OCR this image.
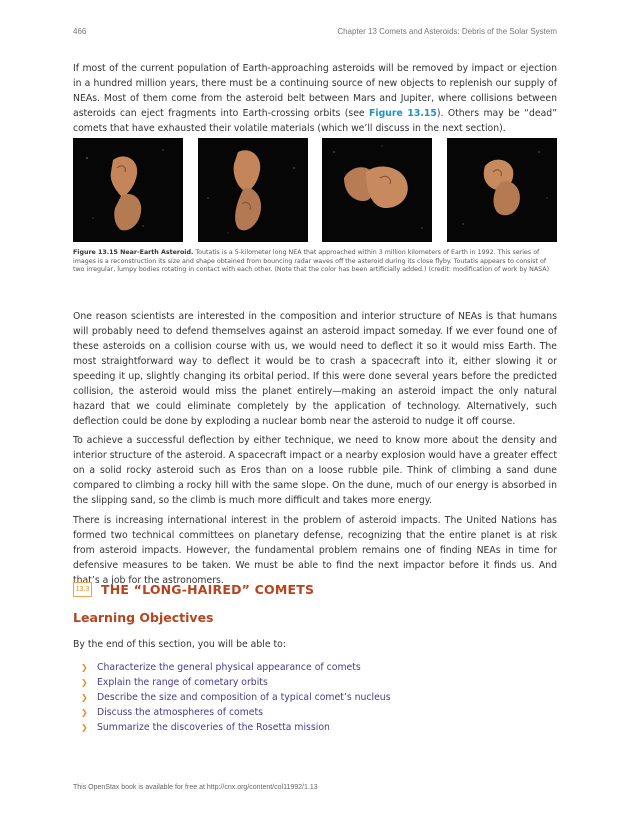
466	Chapter 13 Comets and Asteroids: Debris of the Solar System

If most of the current population of Earth-approaching asteroids will be removed by impact or ejection in a hundred million years, there must be a continuing source of new objects to replenish our supply of NEAs. Most of them come from the asteroid belt between Mars and Jupiter, where collisions between asteroids can eject fragments into Earth-crossing orbits (see Figure 13.15). Others may be “dead” comets that have exhausted their volatile materials (which we’ll discuss in the next section).

Figure 13.15 Near-Earth Asteroid. Toutatis is a 5-kilometer long NEA that approached within 3 million kilometers of Earth in 1992. This series of images is a reconstruction its size and shape obtained from bouncing radar waves off the asteroid during its close flyby. Toutatis appears to consist of two irregular, lumpy bodies rotating in contact with each other. (Note that the color has been artificially added.) (credit: modification of work by NASA)

One reason scientists are interested in the composition and interior structure of NEAs is that humans will probably need to defend themselves against an asteroid impact someday. If we ever found one of these asteroids on a collision course with us, we would need to deflect it so it would miss Earth. The most straightforward way to deflect it would be to crash a spacecraft into it, either slowing it or speeding it up, slightly changing its orbital period. If this were done several years before the predicted collision, the asteroid would miss the planet entirely—making an asteroid impact the only natural hazard that we could eliminate completely by the application of technology. Alternatively, such deflection could be done by exploding a nuclear bomb near the asteroid to nudge it off course.

To achieve a successful deflection by either technique, we need to know more about the density and interior structure of the asteroid. A spacecraft impact or a nearby explosion would have a greater effect on a solid rocky asteroid such as Eros than on a loose rubble pile. Think of climbing a sand dune compared to climbing a rocky hill with the same slope. On the dune, much of our energy is absorbed in the slipping sand, so the climb is much more difficult and takes more energy.

There is increasing international interest in the problem of asteroid impacts. The United Nations has formed two technical committees on planetary defense, recognizing that the entire planet is at risk from asteroid impacts. However, the fundamental problem remains one of finding NEAs in time for defensive measures to be taken. We must be able to find the next impactor before it finds us. And that’s a job for the astronomers.

13.3 THE “LONG-HAIRED” COMETS
Learning Objectives
By the end of this section, you will be able to:
❯ Characterize the general physical appearance of comets
❯ Explain the range of cometary orbits
❯ Describe the size and composition of a typical comet’s nucleus
❯ Discuss the atmospheres of comets
❯ Summarize the discoveries of the Rosetta mission
This OpenStax book is available for free at http://cnx.org/content/col11992/1.13
